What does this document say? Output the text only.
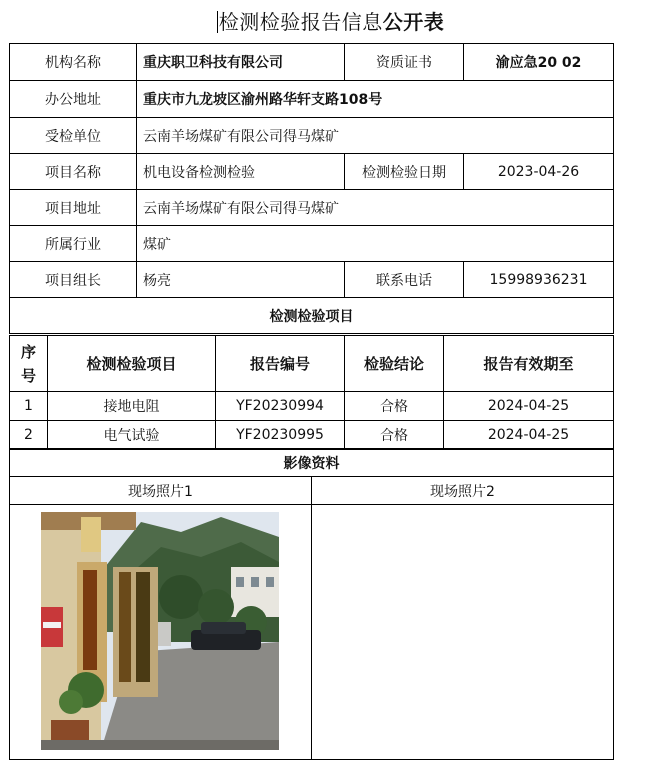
检测检验报告信息公开表
机构名称	重庆职卫科技有限公司	资质证书	渝应急20 02
办公地址	重庆市九龙坡区渝州路华轩支路108号		
受检单位	云南羊场煤矿有限公司得马煤矿		
项目名称	机电设备检测检验	检测检验日期	2023-04-26
项目地址	云南羊场煤矿有限公司得马煤矿		
所属行业	煤矿		
项目组长	杨亮	联系电话	15998936231
检测检验项目			
序号	检测检验项目	报告编号	检验结论	报告有效期至
1	接地电阻	YF20230994	合格	2024-04-25
2	电气试验	YF20230995	合格	2024-04-25
影像资料	
现场照片1	现场照片2
